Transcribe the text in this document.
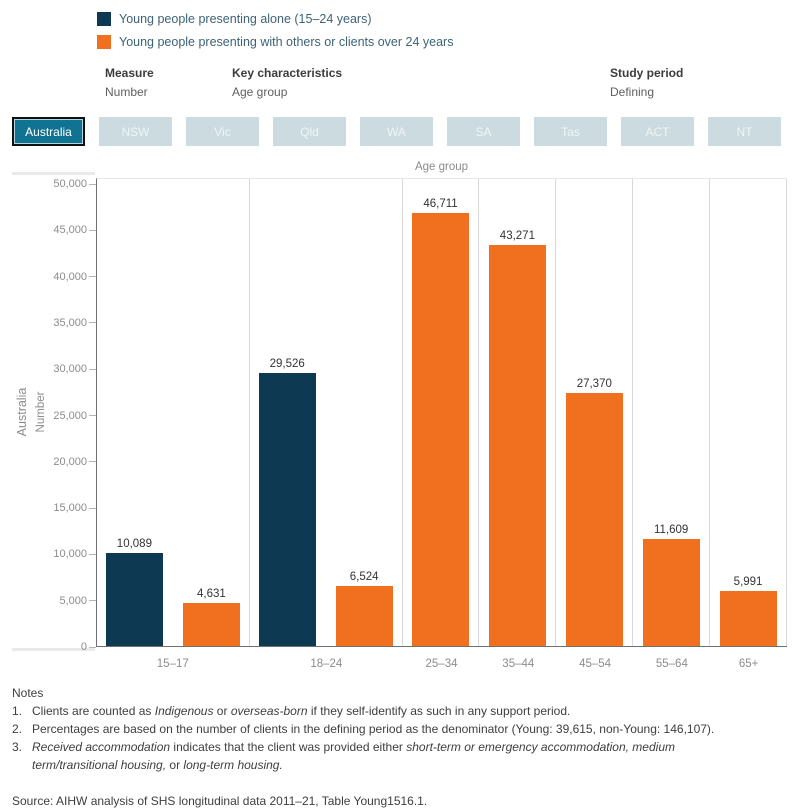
Young people presenting alone (15–24 years)
Young people presenting with others or clients over 24 years
Measure
Number
Key characteristics
Age group
Study period
Defining
Australia	NSW	Vic	Qld	WA	SA	Tas	ACT	NT
Age group
Australia Number
0
5,000
10,000
15,000
20,000
25,000
30,000
35,000
40,000
45,000
50,000
10,089
4,631
29,526
6,524
46,711
43,271
27,370
11,609
5,991
15–17	18–24	25–34	35–44	45–54	55–64	65+
Notes
1. Clients are counted as Indigenous or overseas-born if they self-identify as such in any support period.
2. Percentages are based on the number of clients in the defining period as the denominator (Young: 39,615, non-Young: 146,107).
3. Received accommodation indicates that the client was provided either short-term or emergency accommodation, medium term/transitional housing, or long-term housing.
Source: AIHW analysis of SHS longitudinal data 2011–21, Table Young1516.1.
